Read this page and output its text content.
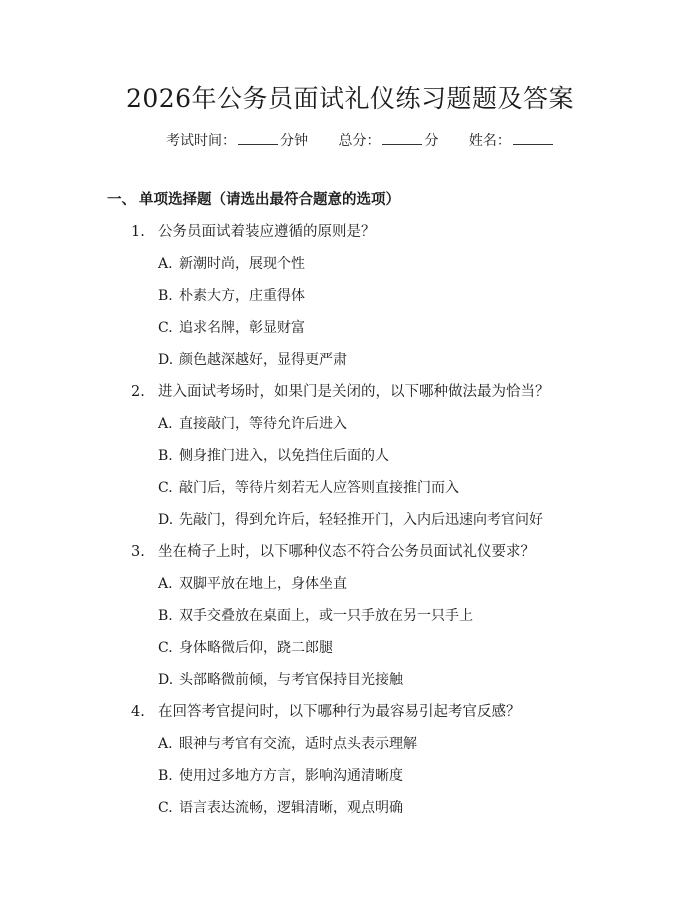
2026年公务员面试礼仪练习题题及答案
考试时间：	分钟 总分：	分 姓名：
一、 单项选择题（请选出最符合题意的选项）
1. 公务员面试着装应遵循的原则是？
A. 新潮时尚，展现个性
B. 朴素大方，庄重得体
C. 追求名牌，彰显财富
D. 颜色越深越好，显得更严肃
2. 进入面试考场时，如果门是关闭的，以下哪种做法最为恰当？
A. 直接敲门，等待允许后进入
B. 侧身推门进入，以免挡住后面的人
C. 敲门后，等待片刻若无人应答则直接推门而入
D. 先敲门，得到允许后，轻轻推开门，入内后迅速向考官问好
3. 坐在椅子上时，以下哪种仪态不符合公务员面试礼仪要求？
A. 双脚平放在地上，身体坐直
B. 双手交叠放在桌面上，或一只手放在另一只手上
C. 身体略微后仰，跷二郎腿
D. 头部略微前倾，与考官保持目光接触
4. 在回答考官提问时，以下哪种行为最容易引起考官反感？
A. 眼神与考官有交流，适时点头表示理解
B. 使用过多地方方言，影响沟通清晰度
C. 语言表达流畅，逻辑清晰，观点明确
